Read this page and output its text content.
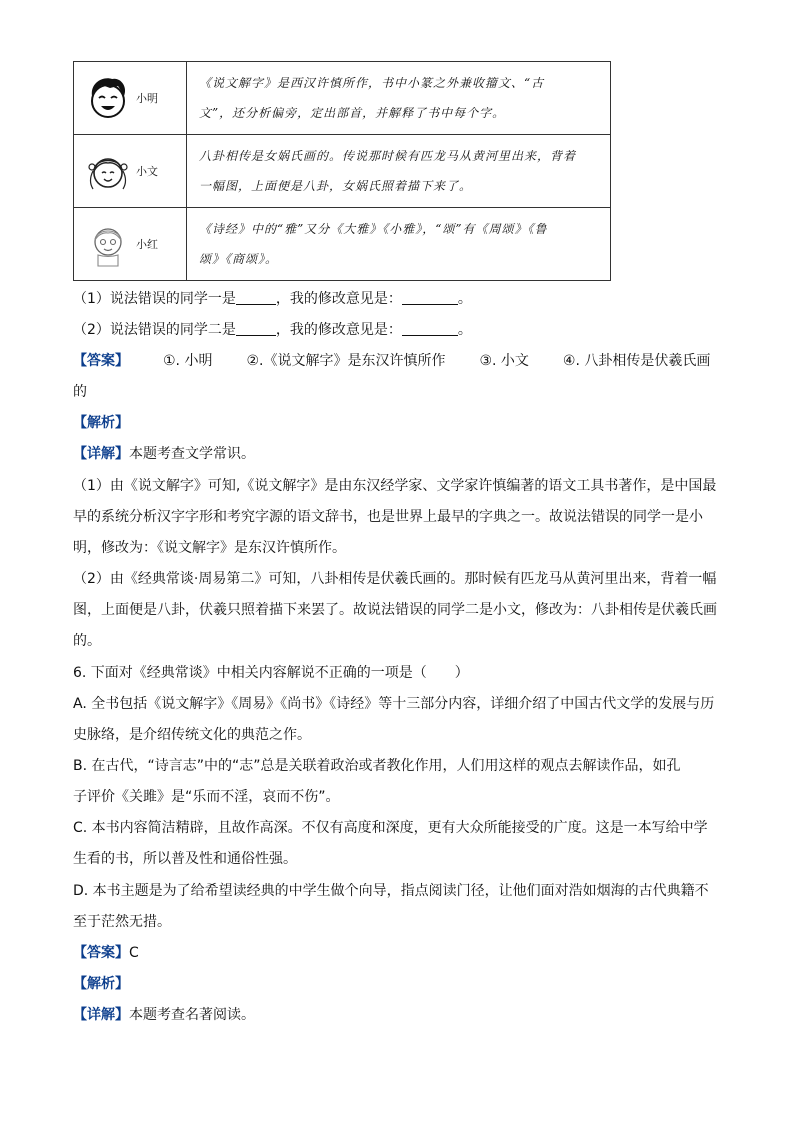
小明	《说文解字》是西汉许慎所作，书中小篆之外兼收籀文、“古
文”，还分析偏旁，定出部首，并解释了书中每个字。

小文	八卦相传是女娲氏画的。传说那时候有匹龙马从黄河里出来，背着
一幅图，上面便是八卦，女娲氏照着描下来了。

小红	《诗经》中的“雅”又分《大雅》《小雅》，“颂”有《周颂》《鲁
颂》《商颂》。
（1）说法错误的同学一是	，我的修改意见是：	。
（2）说法错误的同学二是	，我的修改意见是：	。
【答案】 ①. 小明 ②.《说文解字》是东汉许慎所作 ③. 小文 ④. 八卦相传是伏羲氏画
的
【解析】
【详解】本题考查文学常识。
（1）由《说文解字》可知,《说文解字》是由东汉经学家、文学家许慎编著的语文工具书著作，是中国最
早的系统分析汉字字形和考究字源的语文辞书，也是世界上最早的字典之一。故说法错误的同学一是小
明，修改为：《说文解字》是东汉许慎所作。
（2）由《经典常谈·周易第二》可知，八卦相传是伏羲氏画的。那时候有匹龙马从黄河里出来，背着一幅
图，上面便是八卦，伏羲只照着描下来罢了。故说法错误的同学二是小文，修改为：八卦相传是伏羲氏画
的。
6. 下面对《经典常谈》中相关内容解说不正确的一项是（　　）
A. 全书包括《说文解字》《周易》《尚书》《诗经》等十三部分内容，详细介绍了中国古代文学的发展与历
史脉络，是介绍传统文化的典范之作。
B. 在古代，“诗言志”中的“志”总是关联着政治或者教化作用，人们用这样的观点去解读作品，如孔
子评价《关雎》是“乐而不淫，哀而不伤”。
C. 本书内容简洁精辟，且故作高深。不仅有高度和深度，更有大众所能接受的广度。这是一本写给中学
生看的书，所以普及性和通俗性强。
D. 本书主题是为了给希望读经典的中学生做个向导，指点阅读门径，让他们面对浩如烟海的古代典籍不
至于茫然无措。
【答案】C
【解析】
【详解】本题考查名著阅读。
